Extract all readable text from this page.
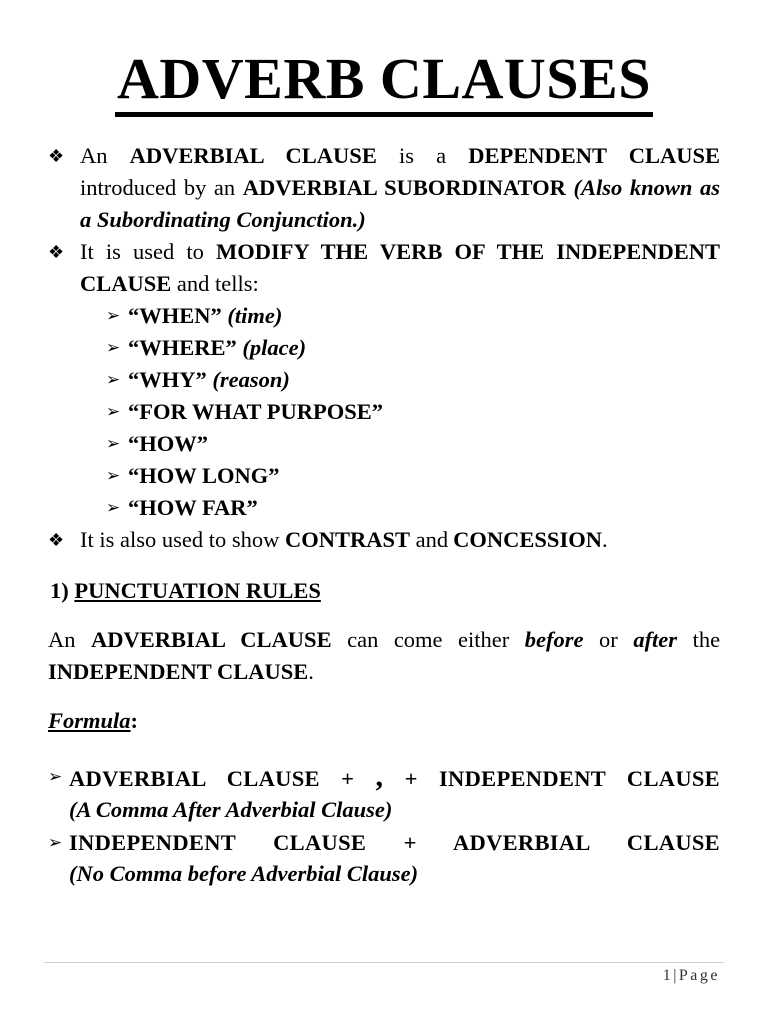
ADVERB CLAUSES
❖ An ADVERBIAL CLAUSE is a DEPENDENT CLAUSE introduced by an ADVERBIAL SUBORDINATOR (Also known as a Subordinating Conjunction.)
❖ It is used to MODIFY THE VERB OF THE INDEPENDENT CLAUSE and tells:
➢ “WHEN” (time)
➢ “WHERE” (place)
➢ “WHY” (reason)
➢ “FOR WHAT PURPOSE”
➢ “HOW”
➢ “HOW LONG”
➢ “HOW FAR”
❖ It is also used to show CONTRAST and CONCESSION.
1) PUNCTUATION RULES
An ADVERBIAL CLAUSE can come either before or after the INDEPENDENT CLAUSE.
Formula:
➢ ADVERBIAL CLAUSE + , + INDEPENDENT CLAUSE
(A Comma After Adverbial Clause)
➢ INDEPENDENT CLAUSE + ADVERBIAL CLAUSE
(No Comma before Adverbial Clause)
1|Page
